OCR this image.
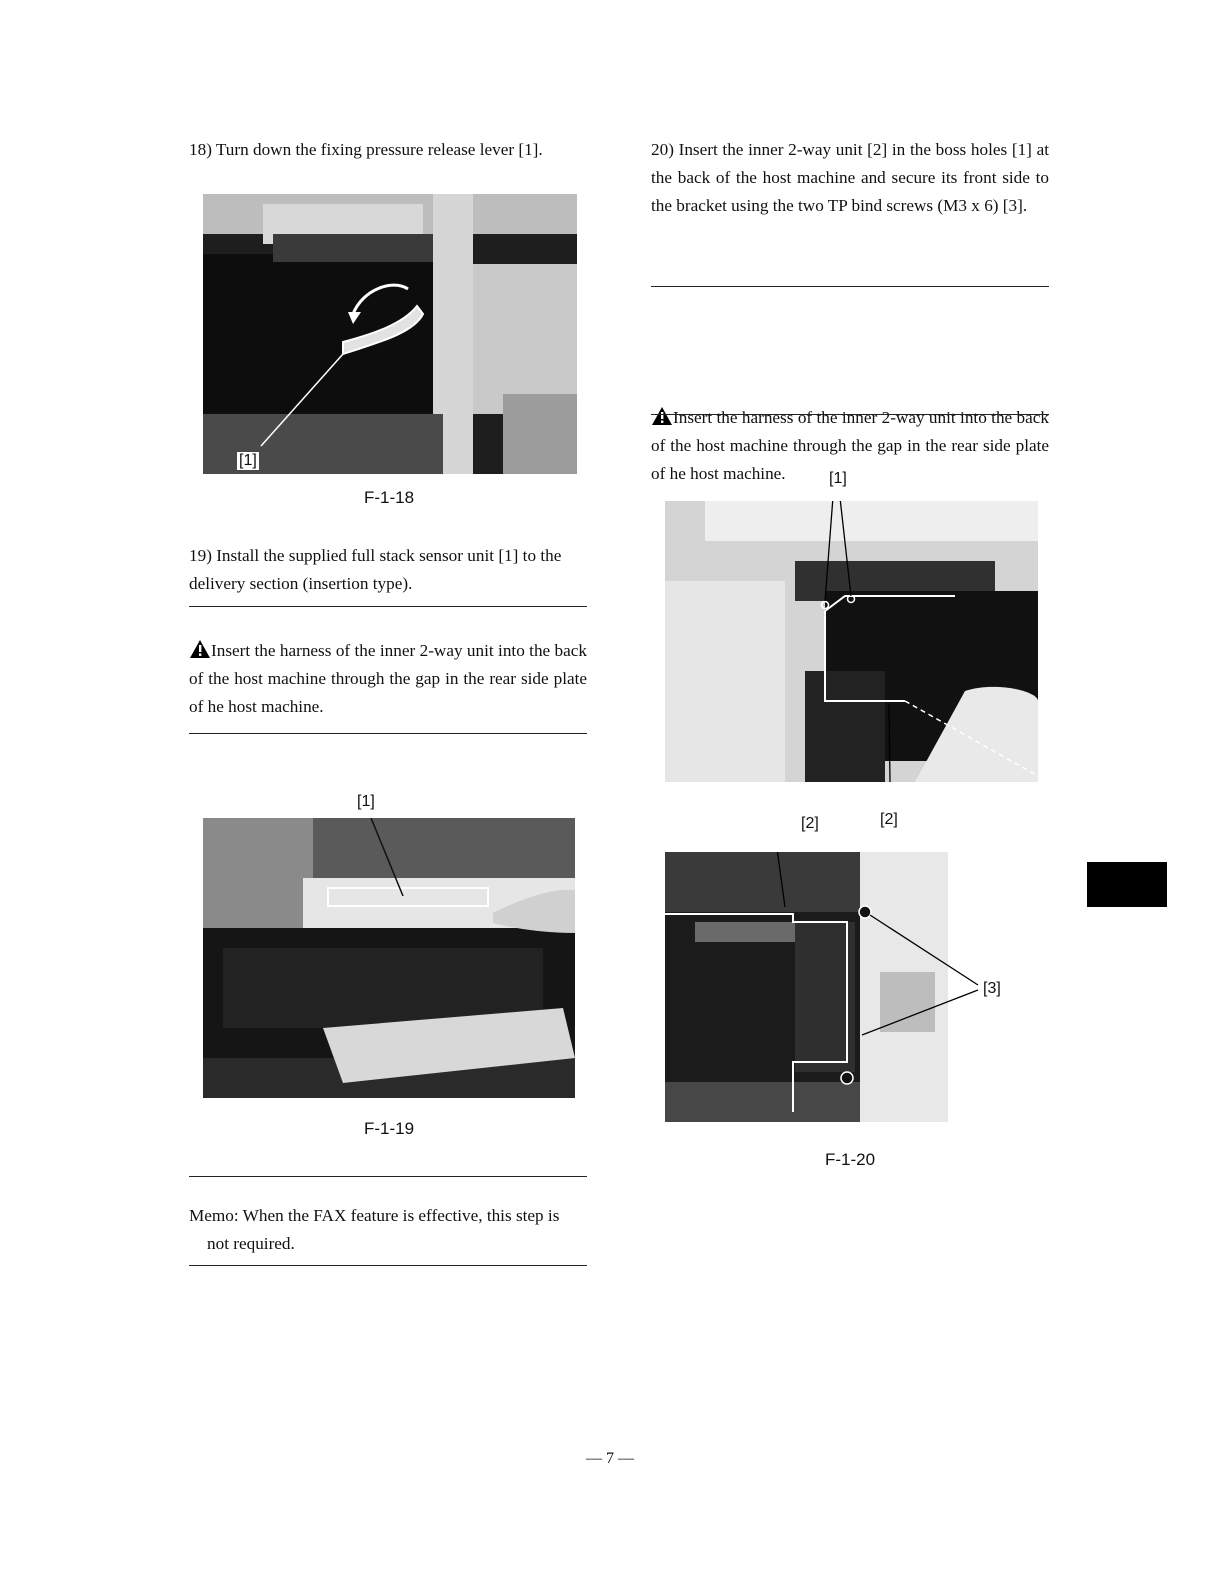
18) Turn down the fixing pressure release lever [1].

[1]
F-1-18

19) Install the supplied full stack sensor unit [1] to the
delivery section (insertion type).

Insert the harness of the inner 2-way unit into the back of the host machine through the gap in the rear side plate of he host machine.

[1]
F-1-19

Memo: When the FAX feature is effective, this step is
not required.

20) Insert the inner 2-way unit [2] in the boss holes [1] at the back of the host machine and secure its front side to the bracket using the two TP bind screws (M3 x 6) [3].

Insert the harness of the inner 2-way unit into the back of the host machine through the gap in the rear side plate of he host machine.	[1]
[2]
[2]
[3]
F-1-20
— 7 —
